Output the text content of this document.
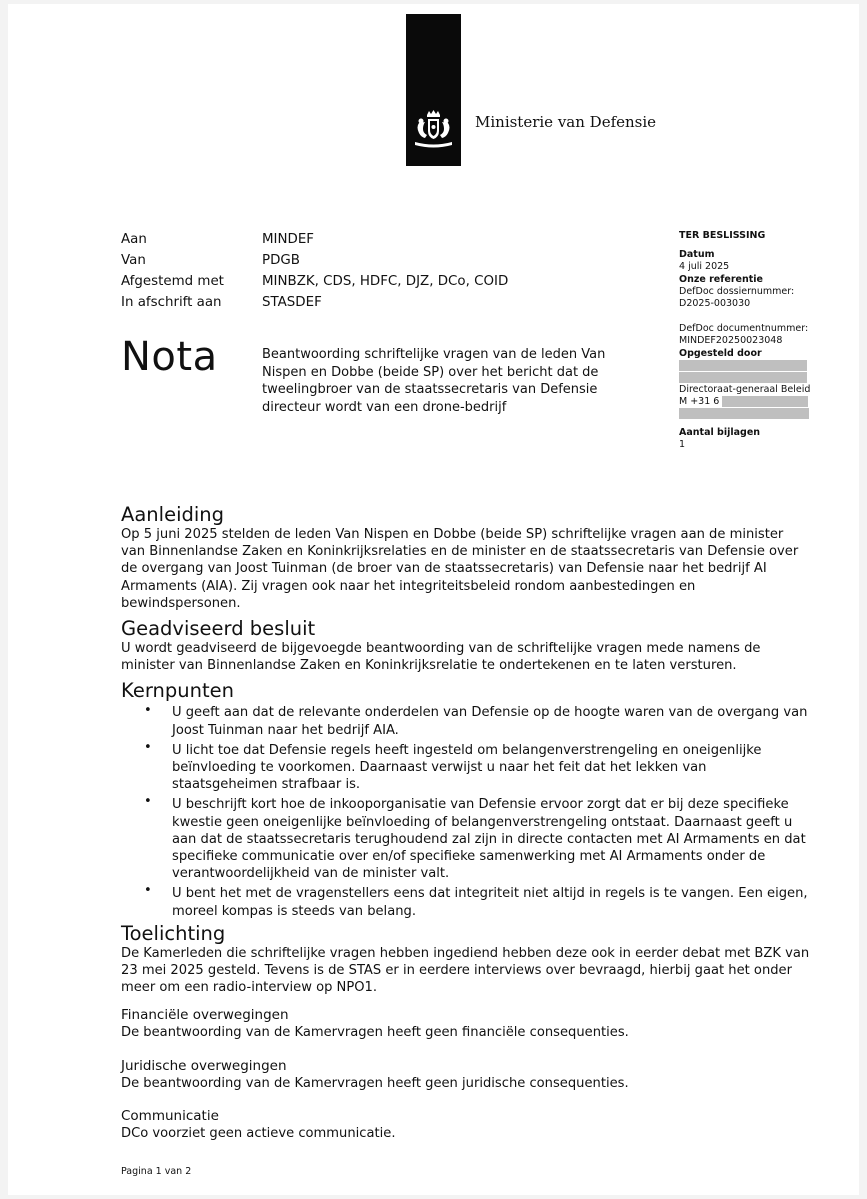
Ministerie van Defensie
Aan	MINDEF
Van	PDGB
Afgestemd met	MINBZK, CDS, HDFC, DJZ, DCo, COID
In afschrift aan	STASDEF
Nota	Beantwoording schriftelijke vragen van de leden Van Nispen en Dobbe (beide SP) over het bericht dat de tweelingbroer van de staatssecretaris van Defensie directeur wordt van een drone-bedrijf
TER BESLISSING
Datum
4 juli 2025
Onze referentie
DefDoc dossiernummer:
D2025-003030
DefDoc documentnummer:
MINDEF20250023048
Opgesteld door
Directoraat-generaal Beleid
M +31 6
Aantal bijlagen
1
Aanleiding

Op 5 juni 2025 stelden de leden Van Nispen en Dobbe (beide SP) schriftelijke vragen aan de minister van Binnenlandse Zaken en Koninkrijksrelaties en de minister en de staatssecretaris van Defensie over de overgang van Joost Tuinman (de broer van de staatssecretaris) van Defensie naar het bedrijf AI Armaments (AIA). Zij vragen ook naar het integriteitsbeleid rondom aanbestedingen en bewindspersonen.

Geadviseerd besluit

U wordt geadviseerd de bijgevoegde beantwoording van de schriftelijke vragen mede namens de minister van Binnenlandse Zaken en Koninkrijksrelatie te ondertekenen en te laten versturen.

Kernpunten
• U geeft aan dat de relevante onderdelen van Defensie op de hoogte waren van de overgang van Joost Tuinman naar het bedrijf AIA.
• U licht toe dat Defensie regels heeft ingesteld om belangenverstrengeling en oneigenlijke beïnvloeding te voorkomen. Daarnaast verwijst u naar het feit dat het lekken van staatsgeheimen strafbaar is.
• U beschrijft kort hoe de inkooporganisatie van Defensie ervoor zorgt dat er bij deze specifieke kwestie geen oneigenlijke beïnvloeding of belangenverstrengeling ontstaat. Daarnaast geeft u aan dat de staatssecretaris terughoudend zal zijn in directe contacten met AI Armaments en dat specifieke communicatie over en/of specifieke samenwerking met AI Armaments onder de verantwoordelijkheid van de minister valt.
• U bent het met de vragenstellers eens dat integriteit niet altijd in regels is te vangen. Een eigen, moreel kompas is steeds van belang.
Toelichting

De Kamerleden die schriftelijke vragen hebben ingediend hebben deze ook in eerder debat met BZK van 23 mei 2025 gesteld. Tevens is de STAS er in eerdere interviews over bevraagd, hierbij gaat het onder meer om een radio-interview op NPO1.

Financiële overwegingen

De beantwoording van de Kamervragen heeft geen financiële consequenties.

Juridische overwegingen

De beantwoording van de Kamervragen heeft geen juridische consequenties.

Communicatie

DCo voorziet geen actieve communicatie.

Pagina 1 van 2
